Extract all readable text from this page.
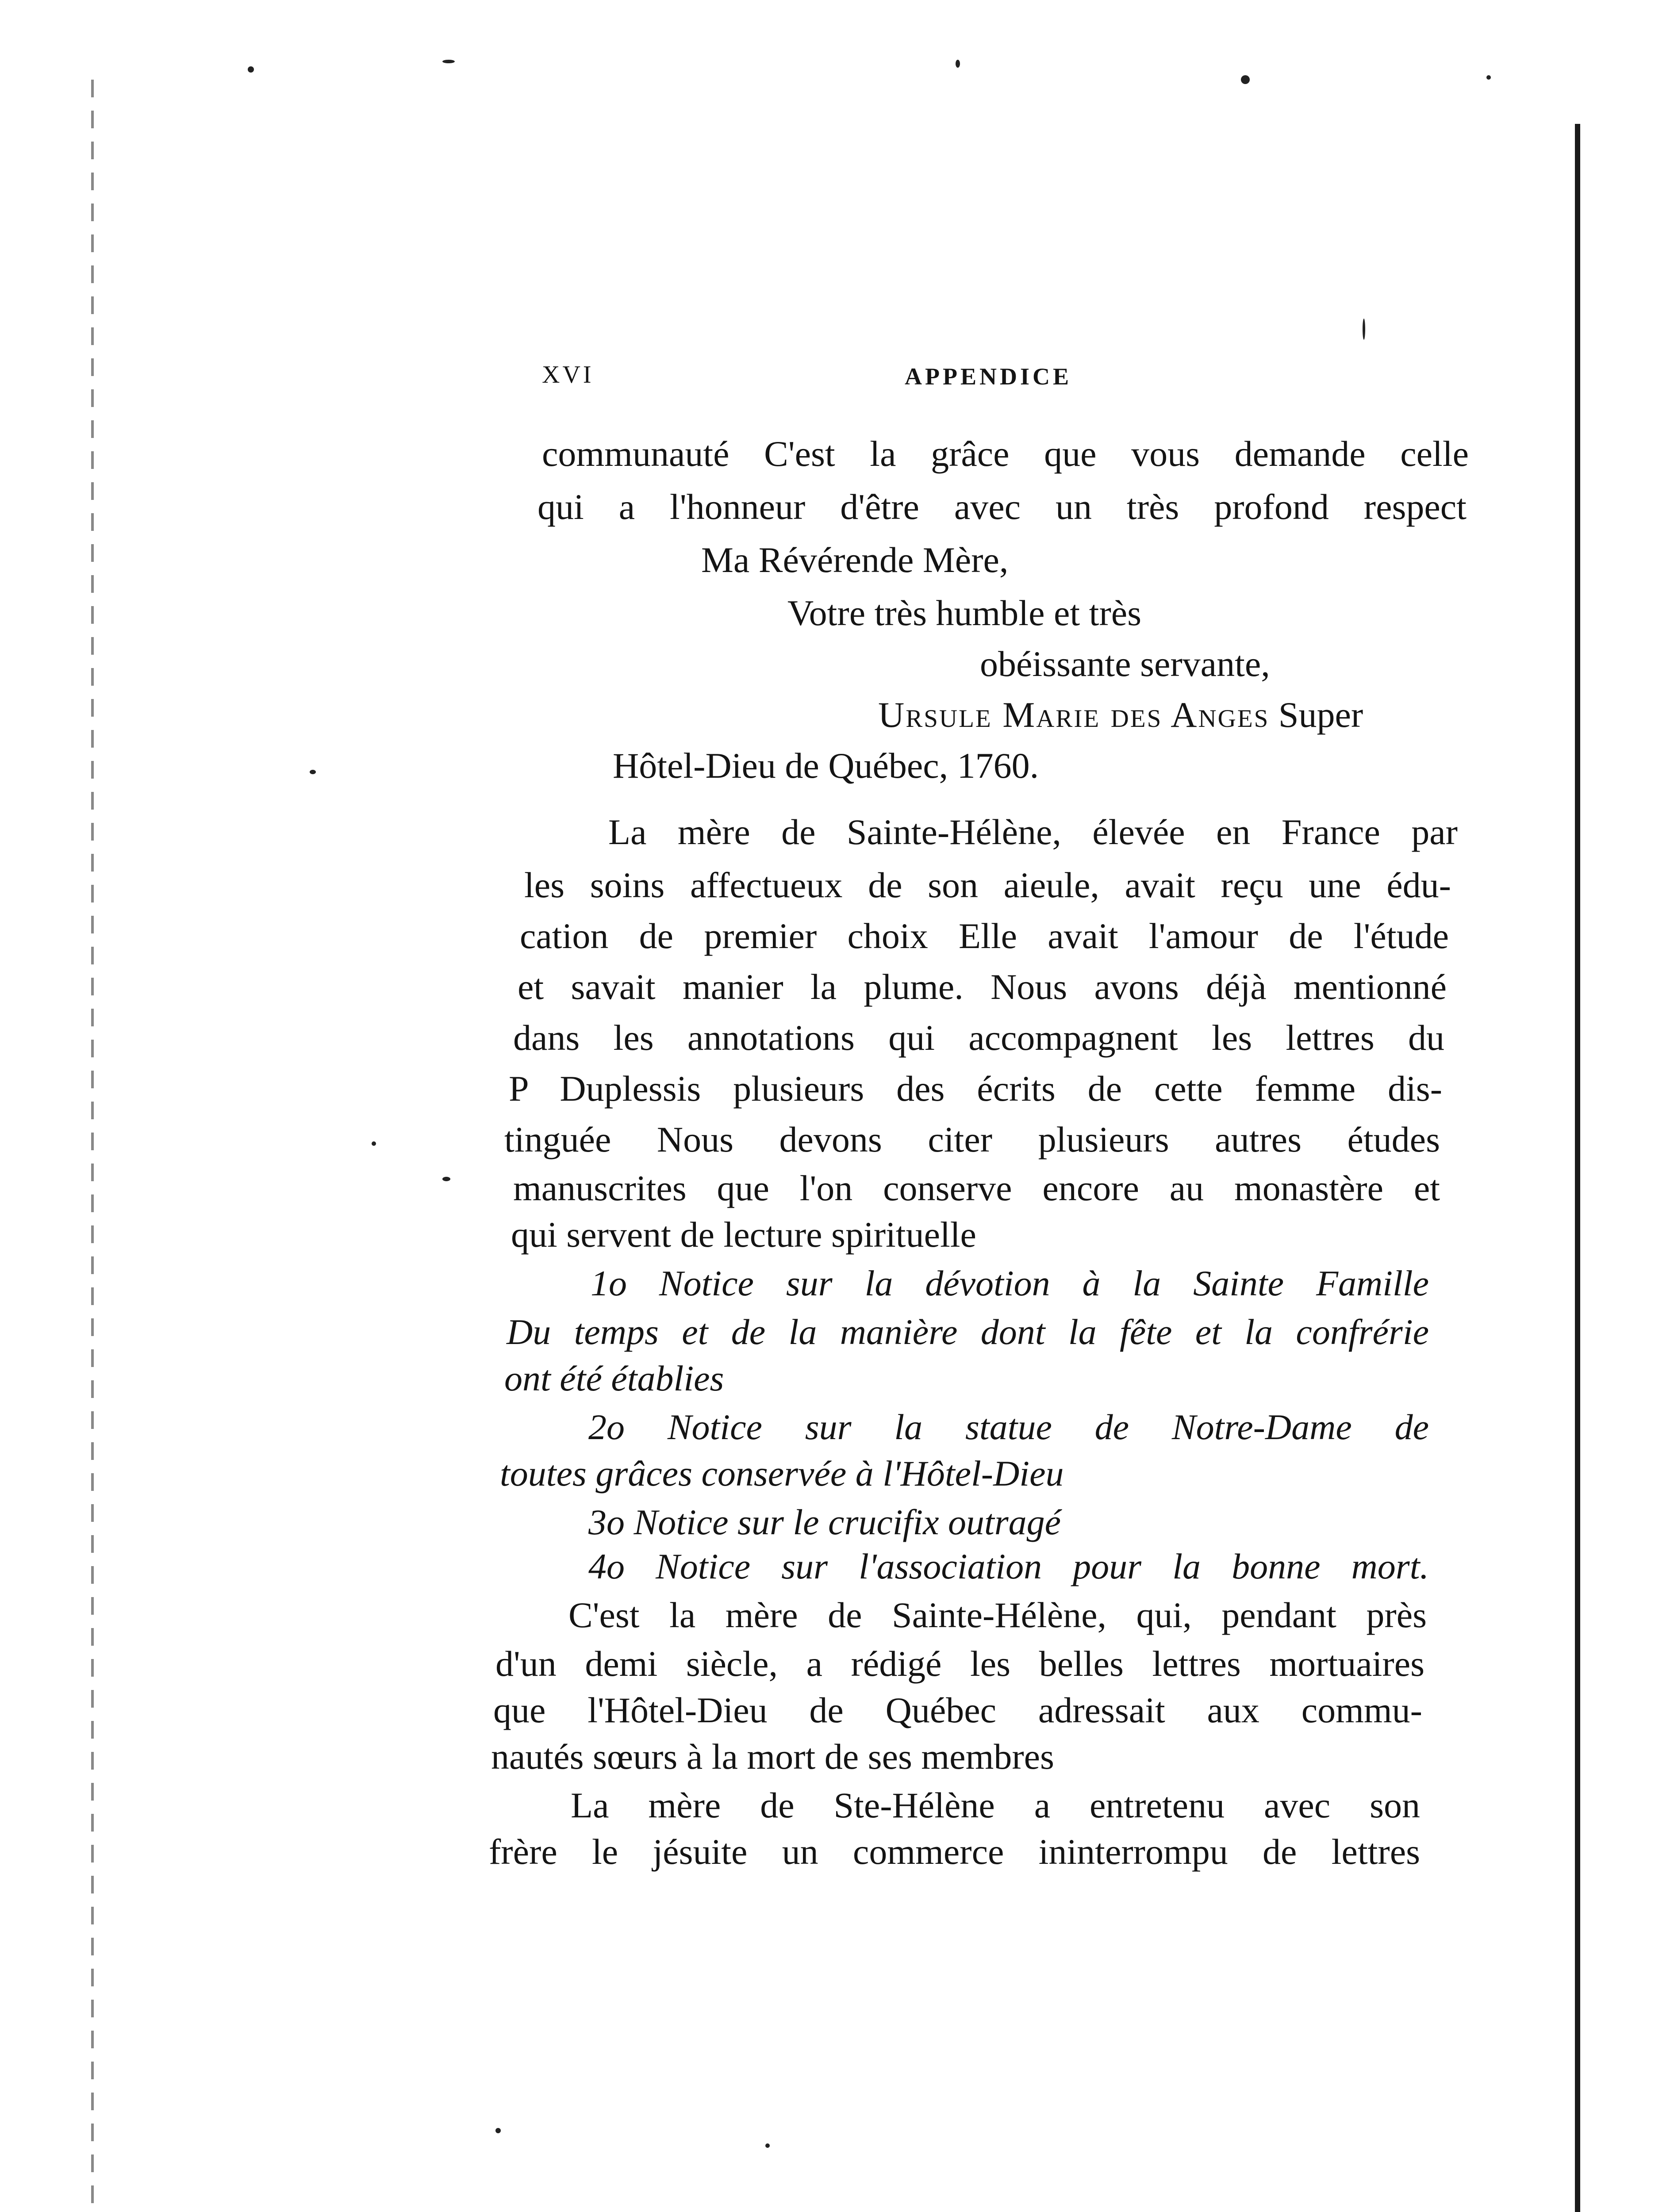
XVI	APPENDICE
communauté C'est la grâce que vous demande celle
qui a l'honneur d'être avec un très profond respect
Ma Révérende Mère,
Votre très humble et très
obéissante servante,
Ursule Marie des Anges Super
Hôtel-Dieu de Québec, 1760.
La mère de Sainte-Hélène, élevée en France par
les soins affectueux de son aieule, avait reçu une édu-
cation de premier choix Elle avait l'amour de l'étude
et savait manier la plume. Nous avons déjà mentionné
dans les annotations qui accompagnent les lettres du
P Duplessis plusieurs des écrits de cette femme dis-
tinguée Nous devons citer plusieurs autres études
manuscrites que l'on conserve encore au monastère et
qui servent de lecture spirituelle
1o Notice sur la dévotion à la Sainte Famille
Du temps et de la manière dont la fête et la confrérie
ont été établies
2o Notice sur la statue de Notre-Dame de
toutes grâces conservée à l'Hôtel-Dieu
3o Notice sur le crucifix outragé
4o Notice sur l'association pour la bonne mort.
C'est la mère de Sainte-Hélène, qui, pendant près
d'un demi siècle, a rédigé les belles lettres mortuaires
que l'Hôtel-Dieu de Québec adressait aux commu-
nautés sœurs à la mort de ses membres
La mère de Ste-Hélène a entretenu avec son
frère le jésuite un commerce ininterrompu de lettres
